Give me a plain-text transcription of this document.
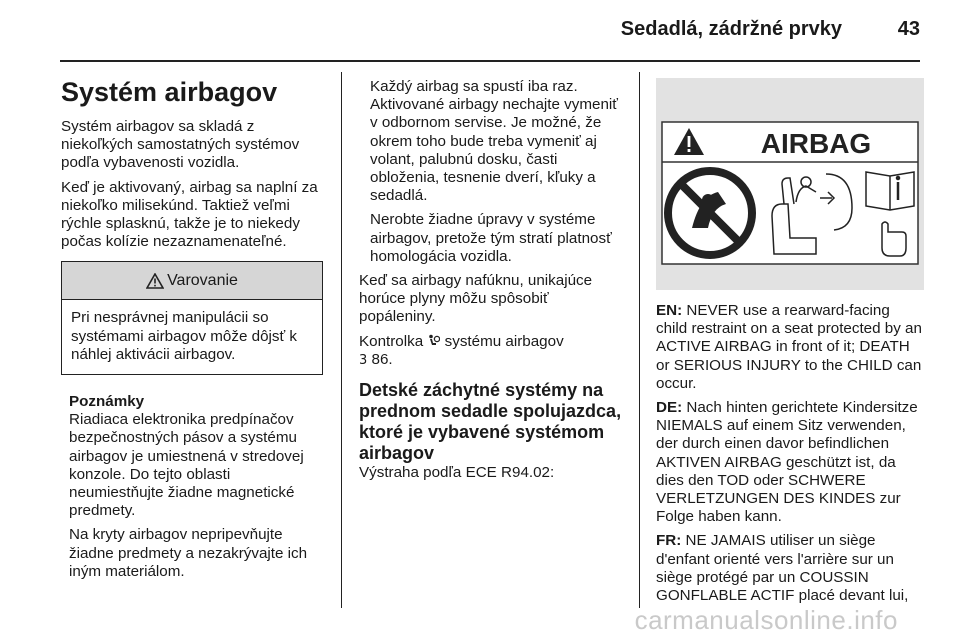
Sedadlá, zádržné prvky	43
Systém airbagov

Systém airbagov sa skladá z niekoľkých samostatných systémov podľa vybavenosti vozidla.

Keď je aktivovaný, airbag sa naplní za niekoľko milisekúnd. Taktiež veľmi rýchle splasknú, takže je to niekedy počas kolízie nezaznamenateľné.

Varovanie
Pri nesprávnej manipulácii so systémami airbagov môže dôjsť k náhlej aktivácii airbagov.
Poznámky

Riadiaca elektronika predpínačov bezpečnostných pásov a systému airbagov je umiestnená v stredovej konzole. Do tejto oblasti neumiestňujte žiadne magnetické predmety.

Na kryty airbagov nepripevňujte žiadne predmety a nezakrývajte ich iným materiálom.

Každý airbag sa spustí iba raz. Aktivované airbagy nechajte vymeniť v odbornom servise. Je možné, že okrem toho bude treba vymeniť aj volant, palubnú dosku, časti obloženia, tesnenie dverí, kľuky a sedadlá.

Nerobte žiadne úpravy v systéme airbagov, pretože tým stratí platnosť homologácia vozidla.

Keď sa airbagy nafúknu, unikajúce horúce plyny môžu spôsobiť popáleniny.

Kontrolka systému airbagov
3 86.

Detské záchytné systémy na prednom sedadle spolujazdca, ktoré je vybavené systémom airbagov

Výstraha podľa ECE R94.02:

AIRBAG

EN: NEVER use a rearward-facing child restraint on a seat protected by an ACTIVE AIRBAG in front of it; DEATH or SERIOUS INJURY to the CHILD can occur.

DE: Nach hinten gerichtete Kindersitze NIEMALS auf einem Sitz verwenden, der durch einen davor befindlichen AKTIVEN AIRBAG geschützt ist, da dies den TOD oder SCHWERE VERLETZUNGEN DES KINDES zur Folge haben kann.

FR: NE JAMAIS utiliser un siège d'enfant orienté vers l'arrière sur un siège protégé par un COUSSIN GONFLABLE ACTIF placé devant lui,

carmanualsonline.info
